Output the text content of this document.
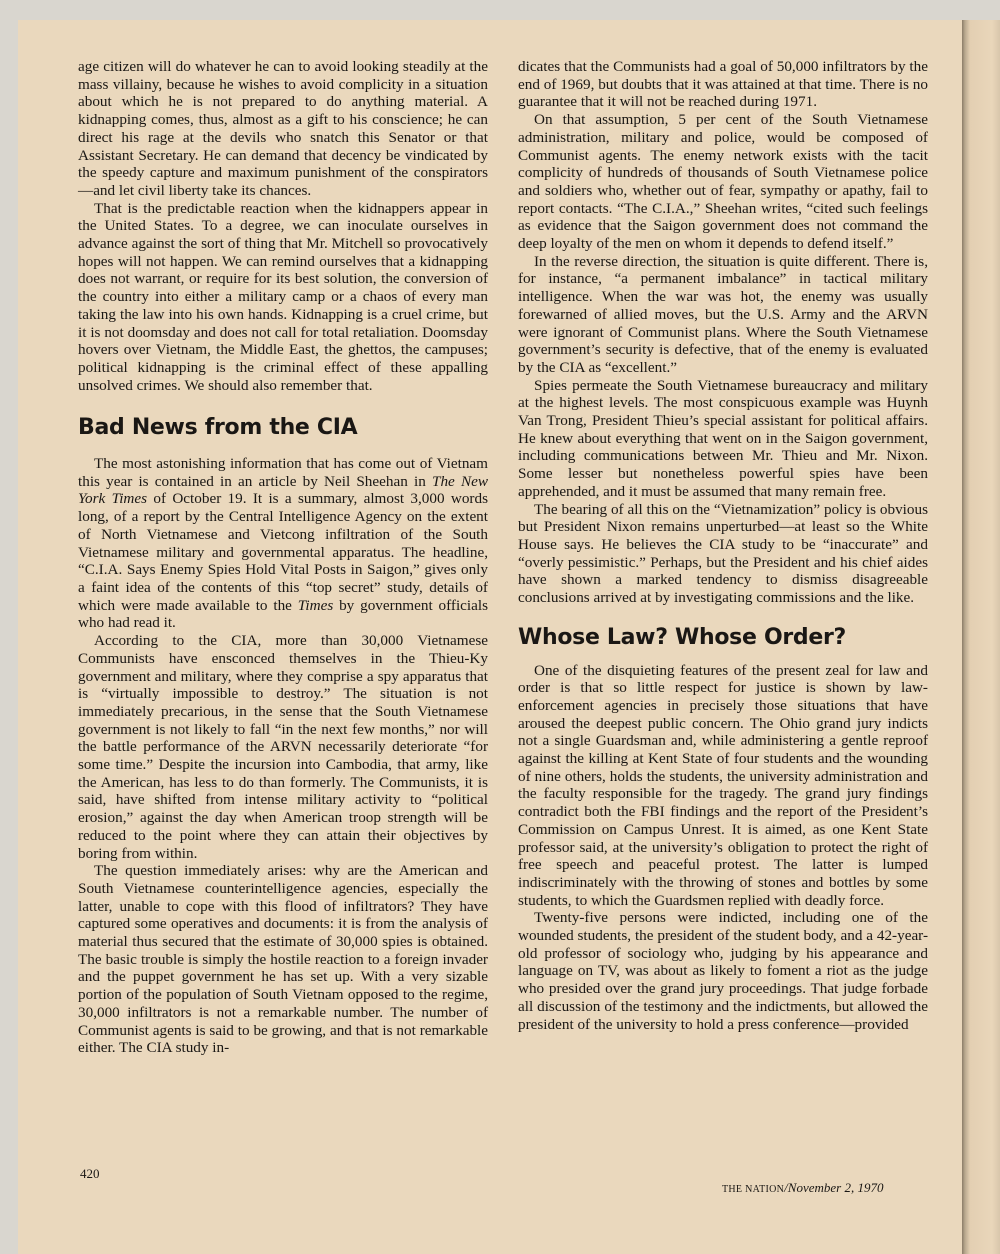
age citizen will do whatever he can to avoid looking steadily at the mass villainy, because he wishes to avoid complicity in a situation about which he is not prepared to do anything material. A kidnapping comes, thus, almost as a gift to his conscience; he can direct his rage at the devils who snatch this Senator or that Assistant Secretary. He can demand that decency be vindicated by the speedy capture and maximum punishment of the conspirators—and let civil liberty take its chances.

That is the predictable reaction when the kidnappers appear in the United States. To a degree, we can inoculate ourselves in advance against the sort of thing that Mr. Mitchell so provocatively hopes will not happen. We can remind ourselves that a kidnapping does not warrant, or require for its best solution, the conversion of the country into either a military camp or a chaos of every man taking the law into his own hands. Kidnapping is a cruel crime, but it is not doomsday and does not call for total retaliation. Doomsday hovers over Vietnam, the Middle East, the ghettos, the campuses; political kidnapping is the criminal effect of these appalling unsolved crimes. We should also remember that.

Bad News from the CIA

The most astonishing information that has come out of Vietnam this year is contained in an article by Neil Sheehan in The New York Times of October 19. It is a summary, almost 3,000 words long, of a report by the Central Intelligence Agency on the extent of North Vietnamese and Vietcong infiltration of the South Vietnamese military and governmental apparatus. The headline, “C.I.A. Says Enemy Spies Hold Vital Posts in Saigon,” gives only a faint idea of the contents of this “top secret” study, details of which were made available to the Times by government officials who had read it.

According to the CIA, more than 30,000 Vietnamese Communists have ensconced themselves in the Thieu-Ky government and military, where they comprise a spy apparatus that is “virtually impossible to destroy.” The situation is not immediately precarious, in the sense that the South Vietnamese government is not likely to fall “in the next few months,” nor will the battle performance of the ARVN necessarily deteriorate “for some time.” Despite the incursion into Cambodia, that army, like the American, has less to do than formerly. The Communists, it is said, have shifted from intense military activity to “political erosion,” against the day when American troop strength will be reduced to the point where they can attain their objectives by boring from within.

The question immediately arises: why are the American and South Vietnamese counterintelligence agencies, especially the latter, unable to cope with this flood of infiltrators? They have captured some operatives and documents: it is from the analysis of material thus secured that the estimate of 30,000 spies is obtained. The basic trouble is simply the hostile reaction to a foreign invader and the puppet government he has set up. With a very sizable portion of the population of South Vietnam opposed to the regime, 30,000 infiltrators is not a remarkable number. The number of Communist agents is said to be growing, and that is not remarkable either. The CIA study in-

dicates that the Communists had a goal of 50,000 infiltrators by the end of 1969, but doubts that it was attained at that time. There is no guarantee that it will not be reached during 1971.

On that assumption, 5 per cent of the South Vietnamese administration, military and police, would be composed of Communist agents. The enemy network exists with the tacit complicity of hundreds of thousands of South Vietnamese police and soldiers who, whether out of fear, sympathy or apathy, fail to report contacts. “The C.I.A.,” Sheehan writes, “cited such feelings as evidence that the Saigon government does not command the deep loyalty of the men on whom it depends to defend itself.”

In the reverse direction, the situation is quite different. There is, for instance, “a permanent imbalance” in tactical military intelligence. When the war was hot, the enemy was usually forewarned of allied moves, but the U.S. Army and the ARVN were ignorant of Communist plans. Where the South Vietnamese government’s security is defective, that of the enemy is evaluated by the CIA as “excellent.”

Spies permeate the South Vietnamese bureaucracy and military at the highest levels. The most conspicuous example was Huynh Van Trong, President Thieu’s special assistant for political affairs. He knew about everything that went on in the Saigon government, including communications between Mr. Thieu and Mr. Nixon. Some lesser but nonetheless powerful spies have been apprehended, and it must be assumed that many remain free.

The bearing of all this on the “Vietnamization” policy is obvious but President Nixon remains unperturbed—at least so the White House says. He believes the CIA study to be “inaccurate” and “overly pessimistic.” Perhaps, but the President and his chief aides have shown a marked tendency to dismiss disagreeable conclusions arrived at by investigating commissions and the like.

Whose Law? Whose Order?

One of the disquieting features of the present zeal for law and order is that so little respect for justice is shown by law-enforcement agencies in precisely those situations that have aroused the deepest public concern. The Ohio grand jury indicts not a single Guardsman and, while administering a gentle reproof against the killing at Kent State of four students and the wounding of nine others, holds the students, the university administration and the faculty responsible for the tragedy. The grand jury findings contradict both the FBI findings and the report of the President’s Commission on Campus Unrest. It is aimed, as one Kent State professor said, at the university’s obligation to protect the right of free speech and peaceful protest. The latter is lumped indiscriminately with the throwing of stones and bottles by some students, to which the Guardsmen replied with deadly force.

Twenty-five persons were indicted, including one of the wounded students, the president of the student body, and a 42-year-old professor of sociology who, judging by his appearance and language on TV, was about as likely to foment a riot as the judge who presided over the grand jury proceedings. That judge forbade all discussion of the testimony and the indictments, but allowed the president of the university to hold a press conference—provided

420
THE NATION/November 2, 1970
